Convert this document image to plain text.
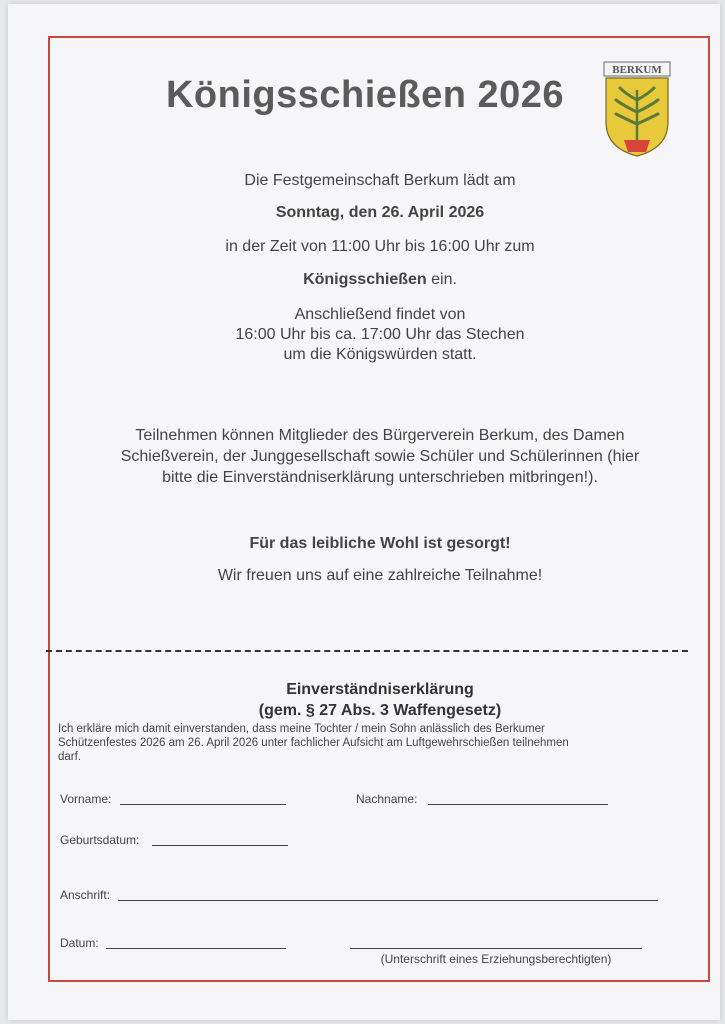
Königsschießen 2026
BERKUM
Die Festgemeinschaft Berkum lädt am
Sonntag, den 26. April 2026
in der Zeit von 11:00 Uhr bis 16:00 Uhr zum
Königsschießen ein.
Anschließend findet von
16:00 Uhr bis ca. 17:00 Uhr das Stechen
um die Königswürden statt.
Teilnehmen können Mitglieder des Bürgerverein Berkum, des Damen
Schießverein, der Junggesellschaft sowie Schüler und Schülerinnen (hier
bitte die Einverständniserklärung unterschrieben mitbringen!).
Für das leibliche Wohl ist gesorgt!
Wir freuen uns auf eine zahlreiche Teilnahme!
Einverständniserklärung
(gem. § 27 Abs. 3 Waffengesetz)
Ich erkläre mich damit einverstanden, dass meine Tochter / mein Sohn anlässlich des Berkumer
Schützenfestes 2026 am 26. April 2026 unter fachlicher Aufsicht am Luftgewehrschießen teilnehmen
darf.
Vorname:	Nachname:
Geburtsdatum:
Anschrift:
Datum:
(Unterschrift eines Erziehungsberechtigten)
